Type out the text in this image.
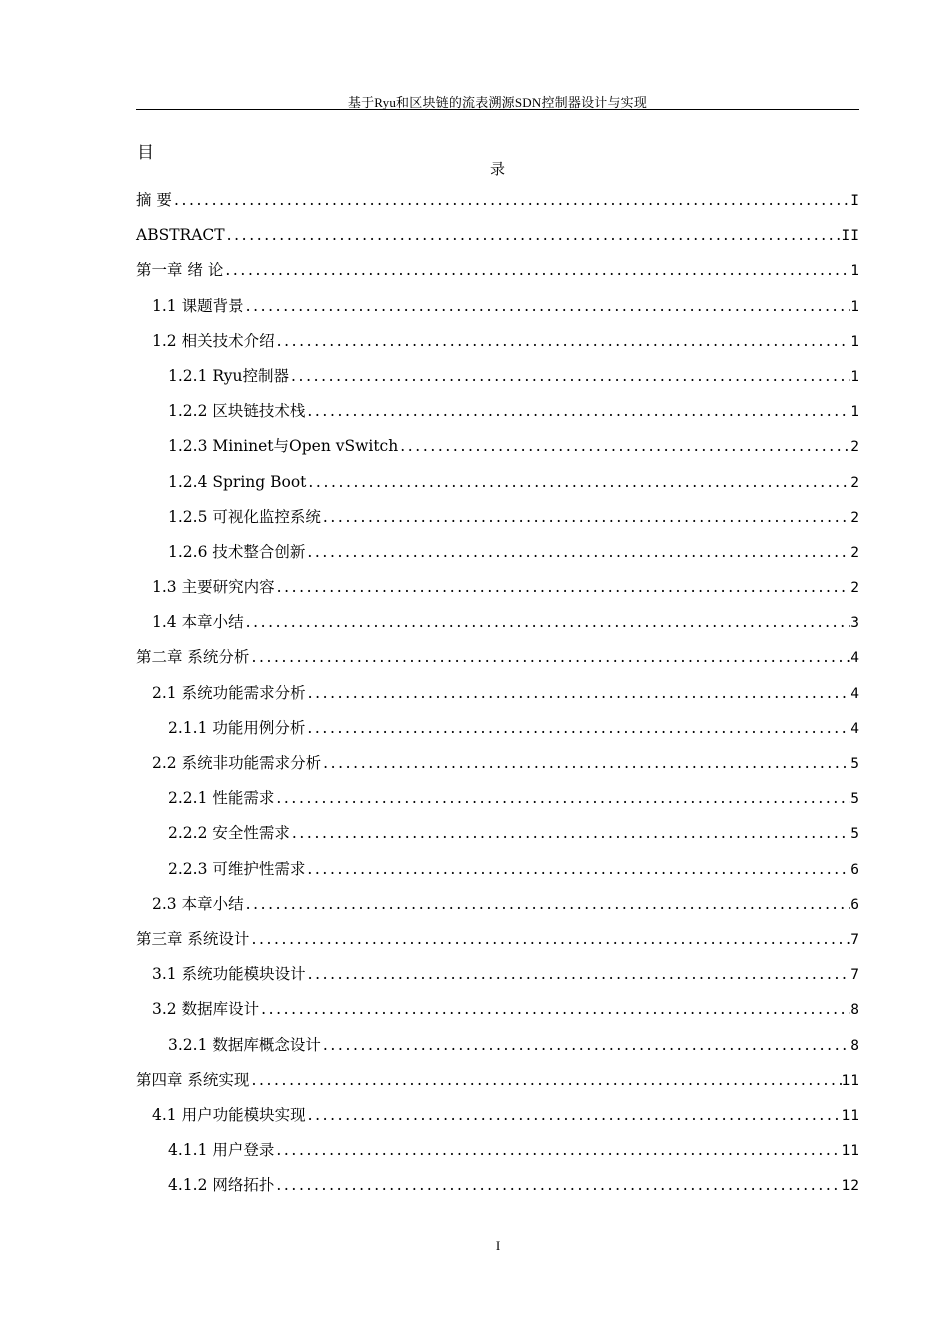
基于Ryu和区块链的流表溯源SDN控制器设计与实现
目
录
摘 要 .....	I
ABSTRACT .....	II
第一章 绪 论 .....	1
1.1 课题背景 .....	1
1.2 相关技术介绍 .....	1
1.2.1 Ryu控制器 .....	1
1.2.2 区块链技术栈 .....	1
1.2.3 Mininet与Open vSwitch .....	2
1.2.4 Spring Boot .....	2
1.2.5 可视化监控系统 .....	2
1.2.6 技术整合创新 .....	2
1.3 主要研究内容 .....	2
1.4 本章小结 .....	3
第二章 系统分析 .....	4
2.1 系统功能需求分析 .....	4
2.1.1 功能用例分析 .....	4
2.2 系统非功能需求分析 .....	5
2.2.1 性能需求 .....	5
2.2.2 安全性需求 .....	5
2.2.3 可维护性需求 .....	6
2.3 本章小结 .....	6
第三章 系统设计 .....	7
3.1 系统功能模块设计 .....	7
3.2 数据库设计 .....	8
3.2.1 数据库概念设计 .....	8
第四章 系统实现 .....	11
4.1 用户功能模块实现 .....	11
4.1.1 用户登录 .....	11
4.1.2 网络拓扑 .....	12
I
